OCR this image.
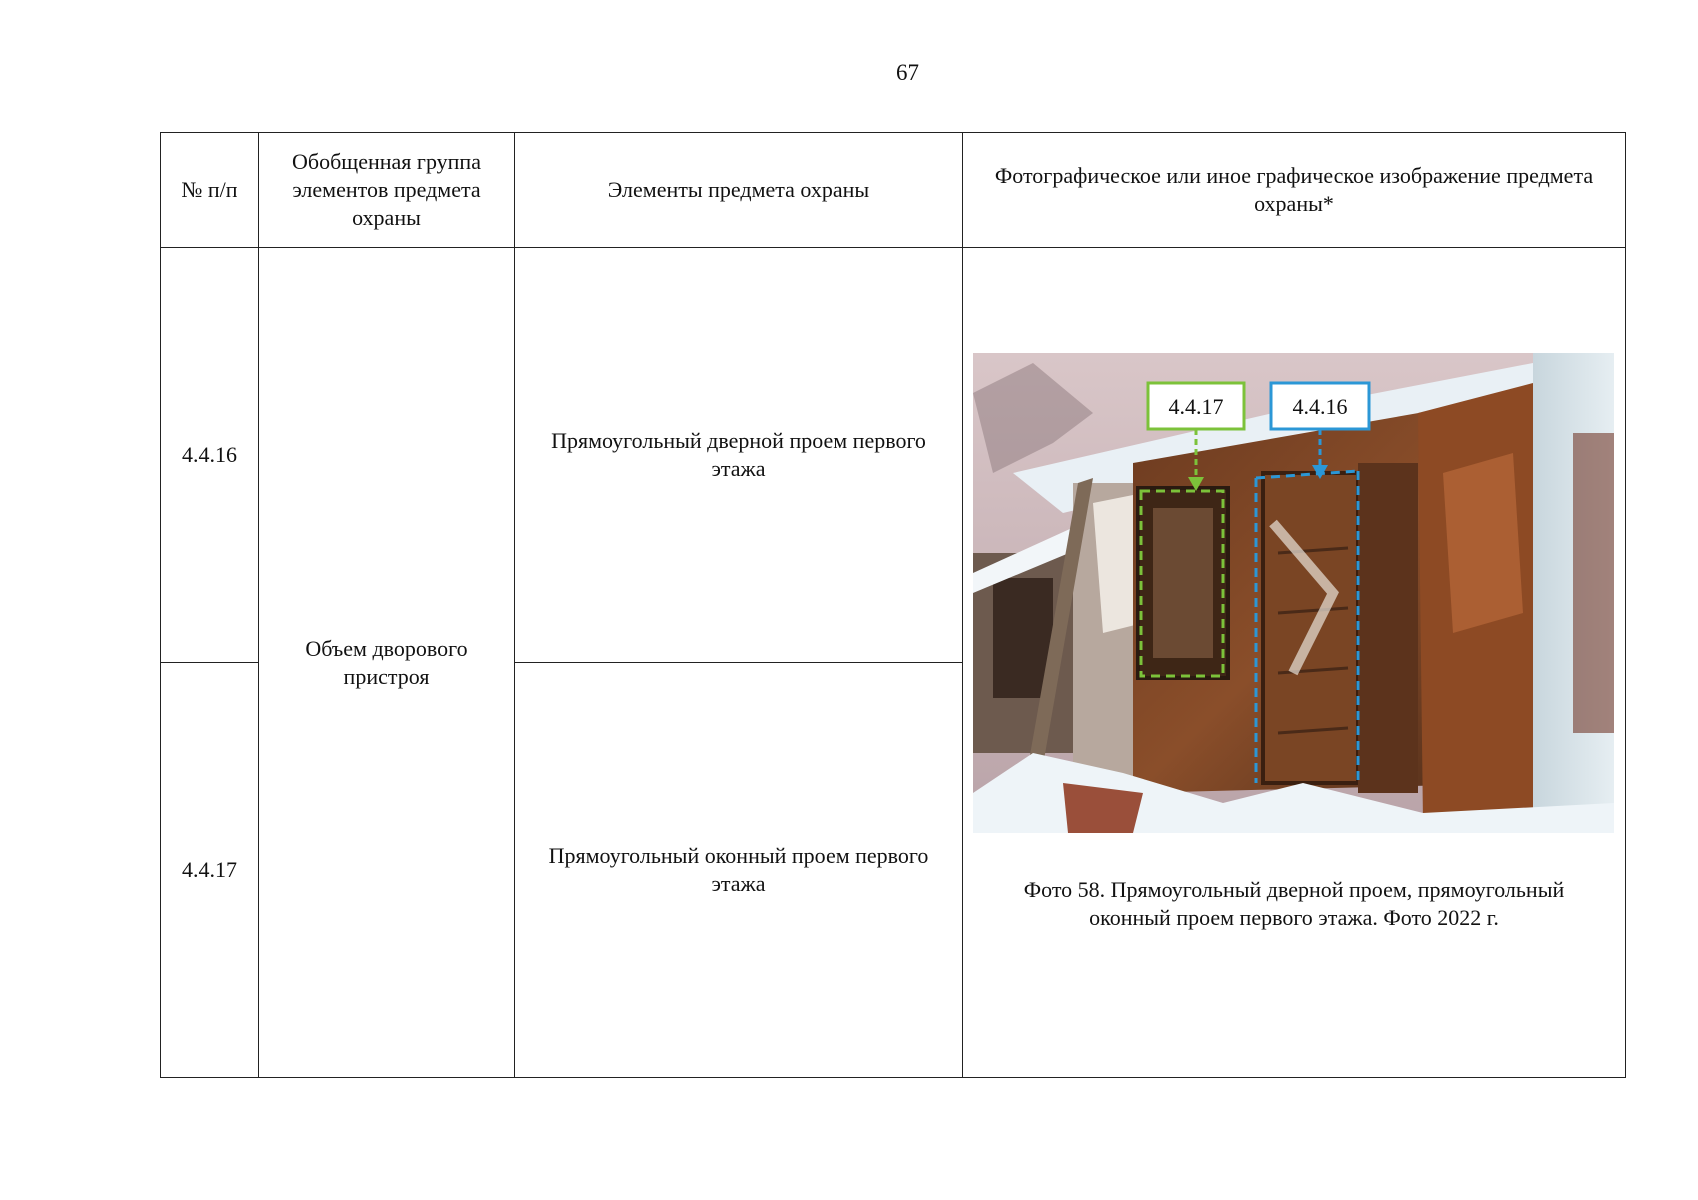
67
№ п/п	Обобщенная группа элементов предмета охраны	Элементы предмета охраны	Фотографическое или иное графическое изображение предмета охраны*
4.4.16	Объем дворового пристроя	Прямоугольный дверной проем первого этажа	4.4.17 4.4.16
Фото 58. Прямоугольный дверной проем, прямоугольный оконный проем первого этажа. Фото 2022 г.

4.4.17		Прямоугольный оконный проем первого этажа	
